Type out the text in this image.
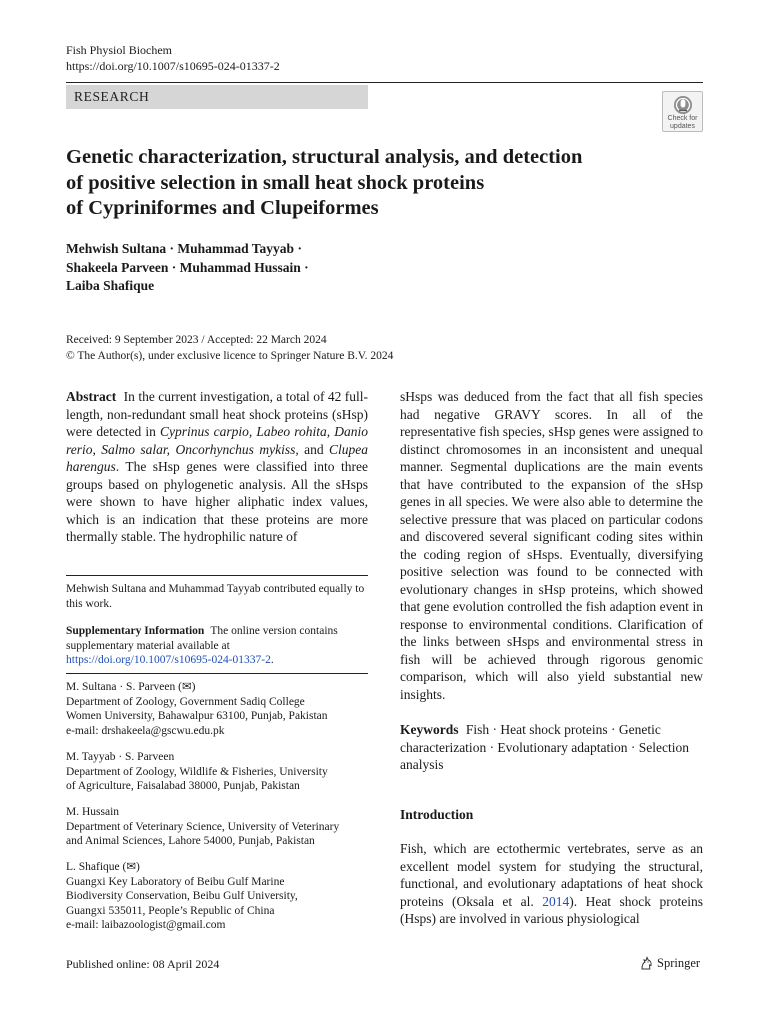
Fish Physiol Biochem
https://doi.org/10.1007/s10695-024-01337-2
RESEARCH
Check for
updates
Genetic characterization, structural analysis, and detection
of positive selection in small heat shock proteins
of Cypriniformes and Clupeiformes
Mehwish Sultana · Muhammad Tayyab ·
Shakeela Parveen · Muhammad Hussain ·
Laiba Shafique
Received: 9 September 2023 / Accepted: 22 March 2024
© The Author(s), under exclusive licence to Springer Nature B.V. 2024

Abstract In the current investigation, a total of 42 full-length, non-redundant small heat shock proteins (sHsp) were detected in Cyprinus carpio, Labeo rohita, Danio rerio, Salmo salar, Oncorhynchus mykiss, and Clupea harengus. The sHsp genes were classified into three groups based on phylogenetic analysis. All the sHsps were shown to have higher aliphatic index values, which is an indication that these proteins are more thermally stable. The hydrophilic nature of

Mehwish Sultana and Muhammad Tayyab contributed equally to this work.
Supplementary Information The online version contains supplementary material available at https://doi.org/10.1007/s10695-024-01337-2.
M. Sultana · S. Parveen (✉)
Department of Zoology, Government Sadiq College
Women University, Bahawalpur 63100, Punjab, Pakistan
e-mail: drshakeela@gscwu.edu.pk
M. Tayyab · S. Parveen
Department of Zoology, Wildlife & Fisheries, University
of Agriculture, Faisalabad 38000, Punjab, Pakistan
M. Hussain
Department of Veterinary Science, University of Veterinary
and Animal Sciences, Lahore 54000, Punjab, Pakistan
L. Shafique (✉)
Guangxi Key Laboratory of Beibu Gulf Marine
Biodiversity Conservation, Beibu Gulf University,
Guangxi 535011, People’s Republic of China
e-mail: laibazoologist@gmail.com

sHsps was deduced from the fact that all fish species had negative GRAVY scores. In all of the representative fish species, sHsp genes were assigned to distinct chromosomes in an inconsistent and unequal manner. Segmental duplications are the main events that have contributed to the expansion of the sHsp genes in all species. We were also able to determine the selective pressure that was placed on particular codons and discovered several significant coding sites within the coding region of sHsps. Eventually, diversifying positive selection was found to be connected with evolutionary changes in sHsp proteins, which showed that gene evolution controlled the fish adaption event in response to environmental conditions. Clarification of the links between sHsps and environmental stress in fish will be achieved through rigorous genomic comparison, which will also yield substantial new insights.

Keywords Fish · Heat shock proteins · Genetic characterization · Evolutionary adaptation · Selection analysis

Introduction
Fish, which are ectothermic vertebrates, serve as an excellent model system for studying the structural, functional, and evolutionary adaptations of heat shock proteins (Oksala et al. 2014). Heat shock proteins (Hsps) are involved in various physiological
Published online: 08 April 2024	Springer
